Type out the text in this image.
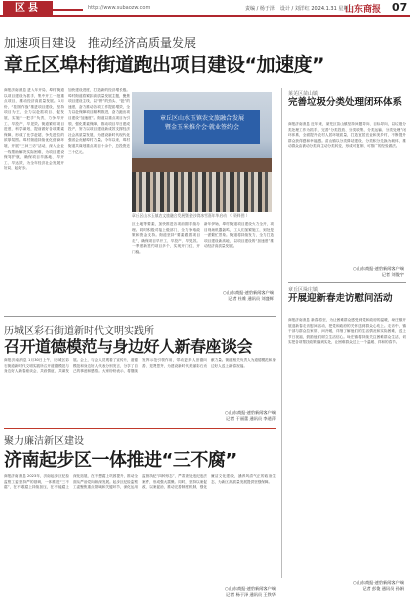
区县	http://www.subaozw.com	责编 / 杨于泽　设计 / 刘洋红 2024.1.31 星期三
山东商报 07
加速项目建设　推动经济高质量发展
章丘区埠村街道跑出项目建设“加速度”
商报济南消息 进入年开局，埠村街道以项目建设为抓手，集中开工一批重点项目，推动经济高质量发展。1月份，“挂图作战”推进项目建设，坚持项目为王，全力以赴抓项目、促发展，实施“一把手”负责，力争早开工、早投产、早见效。街道紧盯项目进度，科学谋划，提前做好各项要素保障，形成了比学赶超、争先进位的浓厚氛围。埠村街道持续优化营商环境，开展“三问三访”活动，深入企业一线帮助解决实际困难，为项目建设保驾护航，确保项目早落地、早开工、早达效，为全年经济社会发展开好局、起好步。
加快建设进度，打造新的经济增长极。埠村街道将紧扣高质量发展主题，聚焦项目建设主线，以“拼”的劲头、“抢”的速度，奋力推动各项工作提质增效，全力以赴保障项目顺利推进，奋力跑出项目建设“加速度”。街道以重点项目为引领，强化要素保障，推动项目早日建成投产，努力以项目建设新成效支撑经济社会高质量发展，为建设新时代现代化强省会贡献埠村力量。今年以来，埠村街道共谋划重点项目十余个，总投资近三十亿元。
章丘区山水玉镇农文旅融合发展
暨金玉米推介会·就业签约会
章丘区山水玉镇农文旅融合发展暨金沙湾冰雪嘉年华启动 （ 资料图 ）
区土地等要素，加快推进各项前期手续办理。同时积极对接上级部门，全力争取政策和资金支持。街道坚持“要素跟着项目走”，确保项目早开工、早投产、早见效。一季度新签约项目多个，实现开门红、开门稳。
新年伊始，埠村街道项目建设火力全开，项目现场机器轰鸣，工人们加紧施工，到处是一派繁忙景象。街道将持续发力，全力打造项目建设新高地，以项目建设的“加速度”推动经济高质量发展。
○山东商报·速豹新闻客户端
记者 杜维 通讯员 刘盛辉
莱芜区苗山镇
完善垃圾分类处理闭环体系
商报济南消息 近年来，莱芜区苗山镇坚持问题导向、目标导向，以垃圾分类处理工作为抓手，完善“分类投放、分类收集、分类运输、分类处理”闭环体系，全面提升农村人居环境质量，打造宜居宜业和美乡村，不断提升群众获得感和幸福感。苗山镇以分类驿站建设、分类积分兑换为载体，推动群众由被动分类向主动分类转变，形成可复制、可推广的经验做法。
○山东商报·速豹新闻客户端
记者 刘俊宇
章丘区垛庄镇
开展迎新春走访慰问活动
商报济南消息 新春将至，为让困难群众感受到党和政府的温暖，垛庄镇开展迎新春走访慰问活动，把党和政府的关怀送到群众心坎上。走访中，镇干部与群众拉家常、问冷暖，详细了解他们的生活情况和实际困难，送上节日祝福，鼓励他们树立生活信心。垛庄镇将持续关注困难群众生活，切实把各项帮扶政策落到实处，让困难群众过上一个温暖、祥和的春节。
○山东商报·速豹新闻客户端
记者 彭俊 通讯员 孙娟
历城区彩石街道新时代文明实践所
召开道德模范与身边好人新春座谈会
商报济南消息 1月30日上午，历城区彩石街道新时代文明实践所召开道德模范与身边好人新春座谈会，共叙情谊，共谋发展。会上，与会人员观看了宣传片，道德模范和身边好人代表分别发言，分享了自己的事迹和感悟。大家纷纷表示，将继续发挥示范引领作用，带动更多人崇德向善、见贤思齐，为建设新时代美丽彩石贡献力量。街道相关负责人为道德模范和身边好人送上新春祝福。
○山东商报·速豹新闻客户端
记者 于丽蕾 通讯员 李道萍
聚力廉洁新区建设
济南起步区一体推进“三不腐”
商报济南消息 2023年，济南起步区纪检监察工委坚持严的基调，一体推进“三不腐”，在不敢腐上持续加压，在不能腐上深化拓展，在不想腐上巩固提升，推动全面从严治党向纵深发展。起步区纪检监察工委聚焦重点领域和关键环节，深化运用监督执纪“四种形态”，严肃查处违纪违法案件，形成强大震慑。同时，坚持以案促改、以案促治，推动完善制度机制，强化廉洁文化建设，涵养风清气正的政治生态，为新区高质量发展提供坚强保障。
○山东商报·速豹新闻客户端
记者 杨于泽 通讯员 王铁华
